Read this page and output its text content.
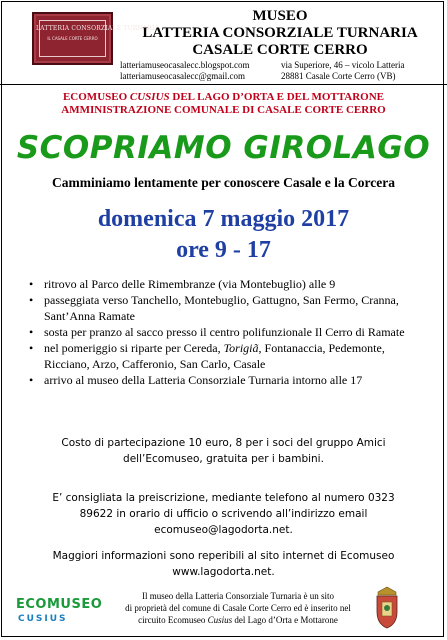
LATTERIA CONSORZIALE TURNARIA
IL CASALE CORTE CERRO
MUSEO
LATTERIA CONSORZIALE TURNARIA
CASALE CORTE CERRO
latteriamuseocasalecc.blogspot.com
latteriamuseocasalecc@gmail.com
via Superiore, 46 – vicolo Latteria
28881 Casale Corte Cerro (VB)
ECOMUSEO CUSIUS DEL LAGO D’ORTA E DEL MOTTARONE
AMMINISTRAZIONE COMUNALE DI CASALE CORTE CERRO
SCOPRIAMO GIROLAGO
Camminiamo lentamente per conoscere Casale e la Corcera
domenica 7 maggio 2017
ore 9 - 17
• ritrovo al Parco delle Rimembranze (via Montebuglio) alle 9
• passeggiata verso Tanchello, Montebuglio, Gattugno, San Fermo, Cranna, Sant’Anna Ramate
• sosta per pranzo al sacco presso il centro polifunzionale Il Cerro di Ramate
• nel pomeriggio si riparte per Cereda, Torigiã, Fontanaccia, Pedemonte, Ricciano, Arzo, Cafferonio, San Carlo, Casale
• arrivo al museo della Latteria Consorziale Turnaria intorno alle 17
Costo di partecipazione 10 euro, 8 per i soci del gruppo Amici
dell’Ecomuseo, gratuita per i bambini.
E’ consigliata la preiscrizione, mediante telefono al numero 0323
89622 in orario di ufficio o scrivendo all’indirizzo email
ecomuseo@lagodorta.net.
Maggiori informazioni sono reperibili al sito internet di Ecomuseo
www.lagodorta.net.
ECOMUSEO
CUSIUS
Il museo della Latteria Consorziale Turnaria è un sito
di proprietà del comune di Casale Corte Cerro ed è inserito nel
circuito Ecomuseo Cusius del Lago d’Orta e Mottarone
